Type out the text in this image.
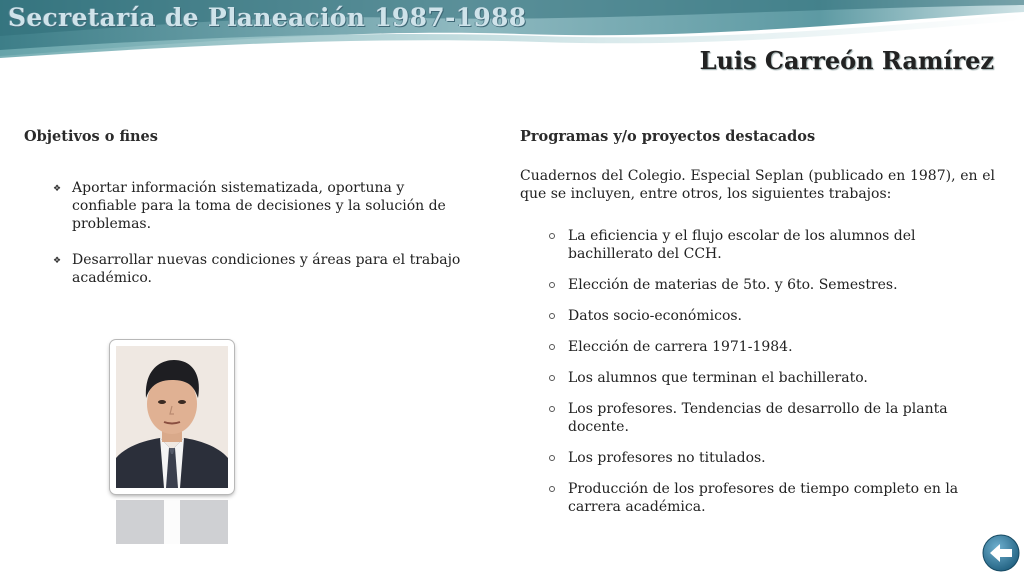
Secretaría de Planeación 1987-1988
Luis Carreón Ramírez
Objetivos o fines
❖ Aportar información sistematizada, oportuna y confiable para la toma de decisiones y la solución de problemas.
❖ Desarrollar nuevas condiciones y áreas para el trabajo académico.
Programas y/o proyectos destacados

Cuadernos del Colegio. Especial Seplan (publicado en 1987), en el que se incluyen, entre otros, los siguientes trabajos:

La eficiencia y el flujo escolar de los alumnos del bachillerato del CCH.
Elección de materias de 5to. y 6to. Semestres.
Datos socio-económicos.
Elección de carrera 1971-1984.
Los alumnos que terminan el bachillerato.
Los profesores. Tendencias de desarrollo de la planta docente.
Los profesores no titulados.
Producción de los profesores de tiempo completo en la carrera académica.
